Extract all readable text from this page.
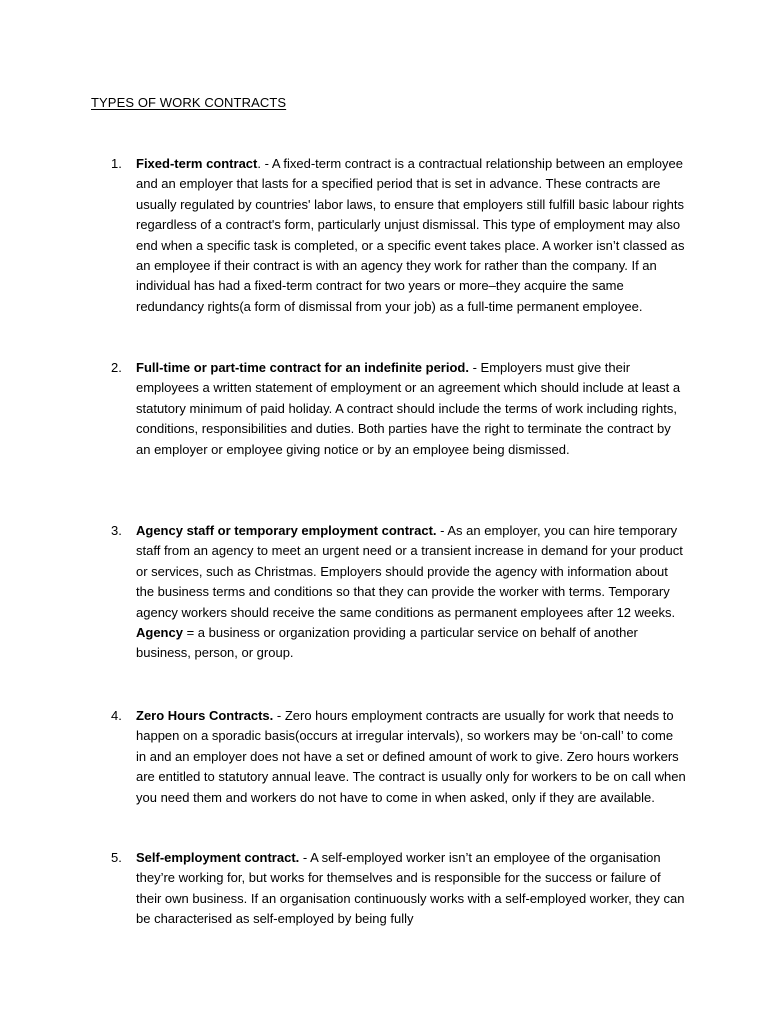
TYPES OF WORK CONTRACTS
1.	Fixed-term contract. - A fixed-term contract is a contractual relationship between an employee and an employer that lasts for a specified period that is set in advance. These contracts are usually regulated by countries' labor laws, to ensure that employers still fulfill basic labour rights regardless of a contract's form, particularly unjust dismissal. This type of employment may also end when a specific task is completed, or a specific event takes place. A worker isn’t classed as an employee if their contract is with an agency they work for rather than the company. If an individual has had a fixed-term contract for two years or more–they acquire the same redundancy rights(a form of dismissal from your job) as a full-time permanent employee.
2.	Full-time or part-time contract for an indefinite period. - Employers must give their employees a written statement of employment or an agreement which should include at least a statutory minimum of paid holiday. A contract should include the terms of work including rights, conditions, responsibilities and duties. Both parties have the right to terminate the contract by an employer or employee giving notice or by an employee being dismissed.
3.	Agency staff or temporary employment contract. - As an employer, you can hire temporary staff from an agency to meet an urgent need or a transient increase in demand for your product or services, such as Christmas. Employers should provide the agency with information about the business terms and conditions so that they can provide the worker with terms. Temporary agency workers should receive the same conditions as permanent employees after 12 weeks.
Agency = a business or organization providing a particular service on behalf of another business, person, or group.
4.	Zero Hours Contracts. - Zero hours employment contracts are usually for work that needs to happen on a sporadic basis(occurs at irregular intervals), so workers may be ‘on-call’ to come in and an employer does not have a set or defined amount of work to give. Zero hours workers are entitled to statutory annual leave. The contract is usually only for workers to be on call when you need them and workers do not have to come in when asked, only if they are available.
5.	Self-employment contract. - A self-employed worker isn’t an employee of the organisation they’re working for, but works for themselves and is responsible for the success or failure of their own business. If an organisation continuously works with a self-employed worker, they can be characterised as self-employed by being fully
